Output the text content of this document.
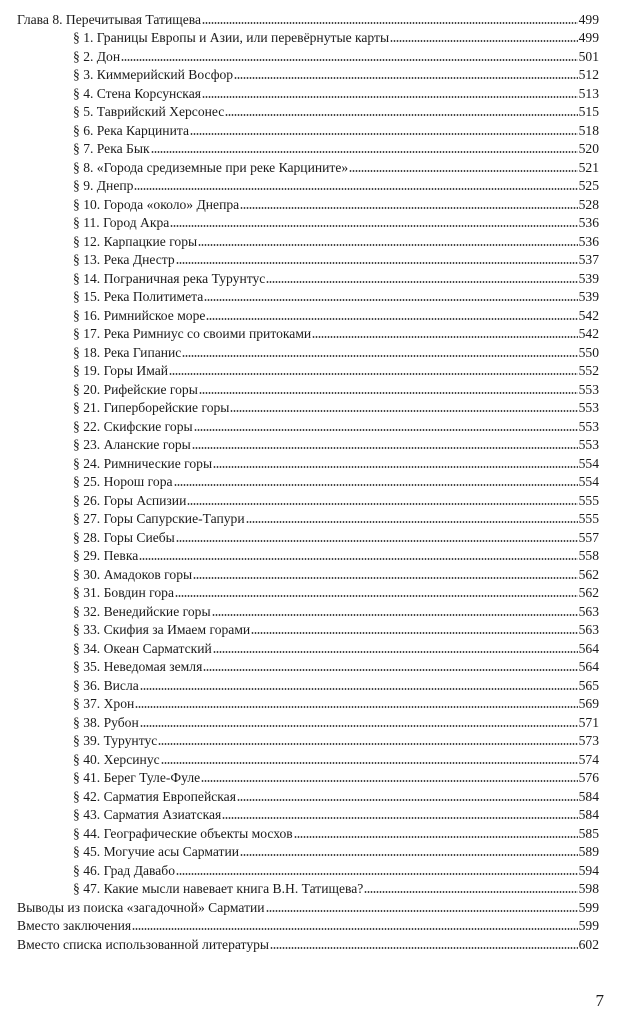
Глава 8. Перечитывая Татищева	499
§ 1. Границы Европы и Азии, или перевёрнутые карты	499
§ 2. Дон	501
§ 3. Киммерийский Восфор	512
§ 4. Стена Корсунская	513
§ 5. Таврийский Херсонес	515
§ 6. Река Карцинита	518
§ 7. Река Бык	520
§ 8. «Города средиземные при реке Карцините»	521
§ 9. Днепр	525
§ 10. Города «около» Днепра	528
§ 11. Город Акра	536
§ 12. Карпацкие горы	536
§ 13. Река Днестр	537
§ 14. Пограничная река Турунтус	539
§ 15. Река Политимета	539
§ 16. Римнийское море	542
§ 17. Река Римниус со своими притоками	542
§ 18. Река Гипанис	550
§ 19. Горы Имай	552
§ 20. Рифейские горы	553
§ 21. Гиперборейские горы	553
§ 22. Скифские горы	553
§ 23. Аланские горы	553
§ 24. Римнические горы	554
§ 25. Норош гора	554
§ 26. Горы Аспизии	555
§ 27. Горы Сапурские-Тапури	555
§ 28. Горы Сиебы	557
§ 29. Певка	558
§ 30. Амадоков горы	562
§ 31. Бовдин гора	562
§ 32. Венедийские горы	563
§ 33. Скифия за Имаем горами	563
§ 34. Океан Сарматский	564
§ 35. Неведомая земля	564
§ 36. Висла	565
§ 37. Хрон	569
§ 38. Рубон	571
§ 39. Турунтус	573
§ 40. Херсинус	574
§ 41. Берег Туле-Фуле	576
§ 42. Сарматия Европейская	584
§ 43. Сарматия Азиатская	584
§ 44. Географические объекты мосхов	585
§ 45. Могучие асы Сарматии	589
§ 46. Град Давабо	594
§ 47. Какие мысли навевает книга В.Н. Татищева?	598
Выводы из поиска «загадочной» Сарматии	599
Вместо заключения	599
Вместо списка использованной литературы	602
7
